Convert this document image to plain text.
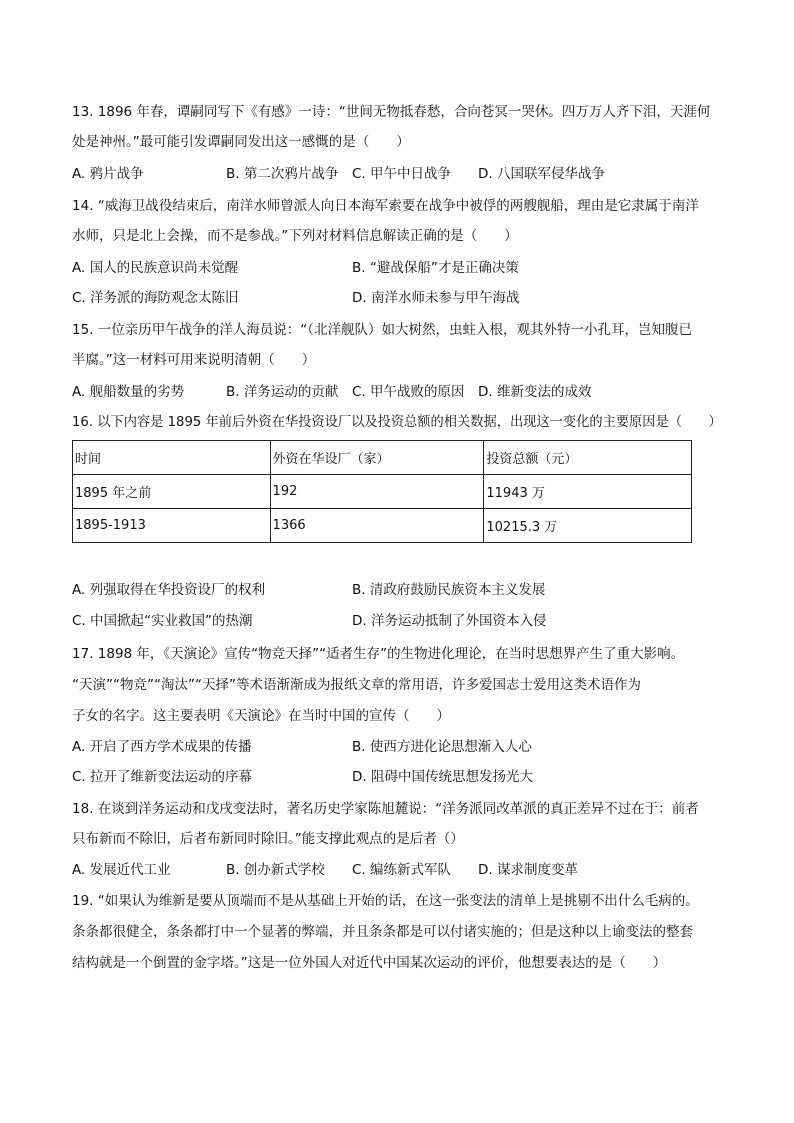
13. 1896 年春，谭嗣同写下《有感》一诗：“世间无物抵春愁，合向苍冥一哭休。四万万人齐下泪，天涯何
处是神州。”最可能引发谭嗣同发出这一感慨的是（　　）
A. 鸦片战争	B. 第二次鸦片战争 C. 甲午中日战争 D. 八国联军侵华战争
14. “威海卫战役结束后，南洋水师曾派人向日本海军索要在战争中被俘的两艘舰船，理由是它隶属于南洋
水师，只是北上会操，而不是参战。”下列对材料信息解读正确的是（　　）
A. 国人的民族意识尚未觉醒	B. “避战保船”才是正确决策
C. 洋务派的海防观念太陈旧	D. 南洋水师未参与甲午海战
15. 一位亲历甲午战争的洋人海员说：“（北洋舰队）如大树然，虫蛀入根，观其外特一小孔耳，岂知腹已
半腐。”这一材料可用来说明清朝（　　）
A. 舰船数量的劣势	B. 洋务运动的贡献 C. 甲午战败的原因 D. 维新变法的成效
16. 以下内容是 1895 年前后外资在华投资设厂以及投资总额的相关数据，出现这一变化的主要原因是（　　）
时间	外资在华设厂（家）	投资总额（元）
1895 年之前	192	11943 万
1895-1913	1366	10215.3 万
A. 列强取得在华投资设厂的权利	B. 清政府鼓励民族资本主义发展
C. 中国掀起“实业救国”的热潮	D. 洋务运动抵制了外国资本入侵
17. 1898 年，《天演论》宣传“物竞天择”“适者生存”的生物进化理论，在当时思想界产生了重大影响。
“天演”“物竞”“淘汰”“天择”等术语渐渐成为报纸文章的常用语，许多爱国志士爱用这类术语作为
子女的名字。这主要表明《天演论》在当时中国的宣传（　　）
A. 开启了西方学术成果的传播	B. 使西方进化论思想渐入人心
C. 拉开了维新变法运动的序幕	D. 阻碍中国传统思想发扬光大
18. 在谈到洋务运动和戊戌变法时，著名历史学家陈旭麓说：“洋务派同改革派的真正差异不过在于：前者
只布新而不除旧，后者布新同时除旧。”能支撑此观点的是后者（）
A. 发展近代工业	B. 创办新式学校 C. 编练新式军队 D. 谋求制度变革
19. “如果认为维新是要从顶端而不是从基础上开始的话，在这一张变法的清单上是挑剔不出什么毛病的。
条条都很健全，条条都打中一个显著的弊端，并且条条都是可以付诸实施的；但是这种以上谕变法的整套
结构就是一个倒置的金字塔。”这是一位外国人对近代中国某次运动的评价，他想要表达的是（　　）
